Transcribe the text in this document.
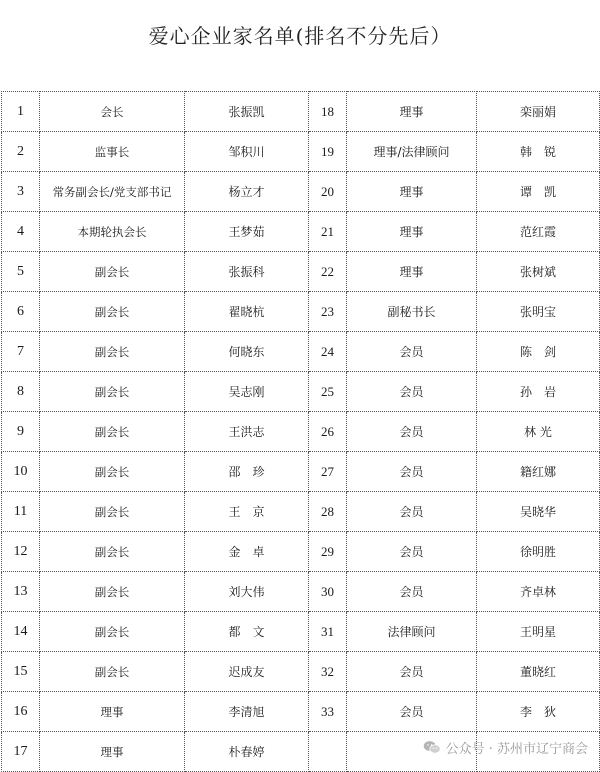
爱心企业家名单(排名不分先后）
1	会长	张振凯	18	理事	栾丽娟
2	监事长	邹积川	19	理事/法律顾问	韩　锐
3	常务副会长/党支部书记	杨立才	20	理事	谭　凯
4	本期轮执会长	王梦茹	21	理事	范红霞
5	副会长	张振科	22	理事	张树斌
6	副会长	翟晓杭	23	副秘书长	张明宝
7	副会长	何晓东	24	会员	陈　剑
8	副会长	吴志刚	25	会员	孙　岩
9	副会长	王洪志	26	会员	林 光
10	副会长	邵　珍	27	会员	籍红娜
11	副会长	王　京	28	会员	吴晓华
12	副会长	金　卓	29	会员	徐明胜
13	副会长	刘大伟	30	会员	齐卓林
14	副会长	都　文	31	法律顾问	王明星
15	副会长	迟成友	32	会员	董晓红
16	理事	李清旭	33	会员	李　狄
17	理事	朴春婷				公众号 · 苏州市辽宁商会
